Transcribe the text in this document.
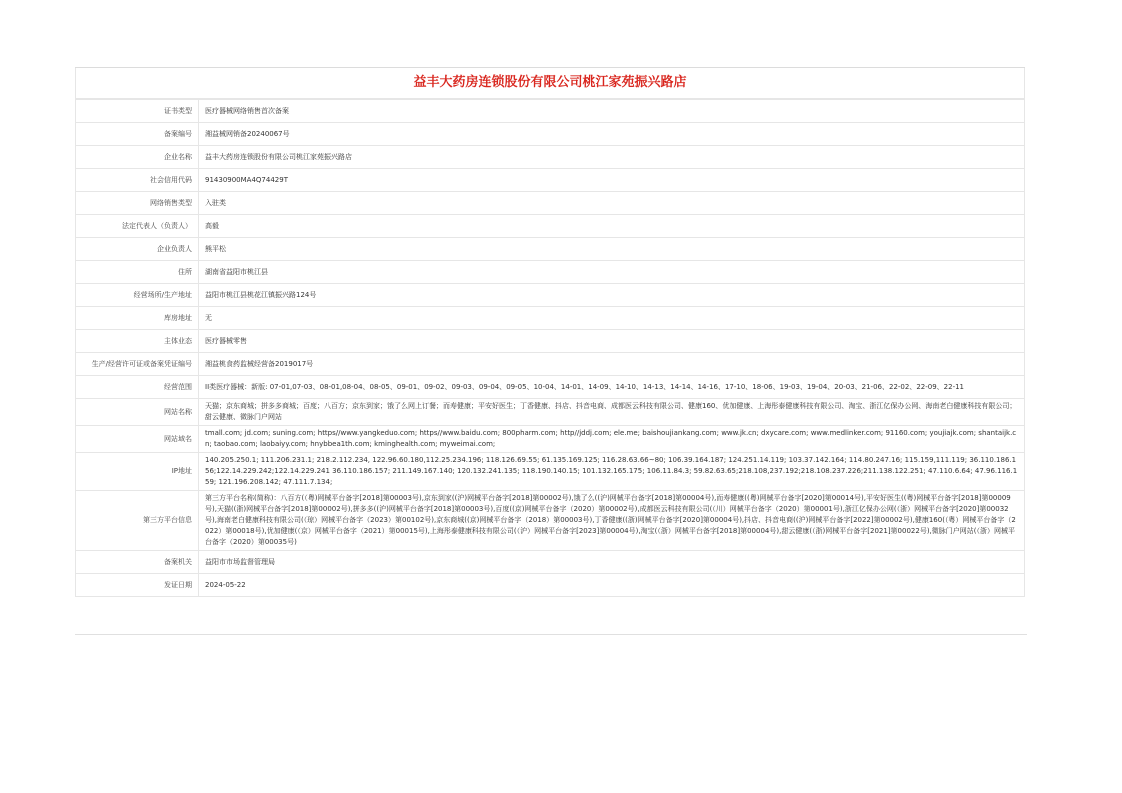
益丰大药房连锁股份有限公司桃江家苑振兴路店
证书类型	医疗器械网络销售首次备案
备案编号	湘益械网销备20240067号
企业名称	益丰大药房连锁股份有限公司桃江家苑振兴路店
社会信用代码	91430900MA4Q74429T
网络销售类型	入驻类
法定代表人（负责人）	高毅
企业负责人	熊平松
住所	湖南省益阳市桃江县
经营场所/生产地址	益阳市桃江县桃花江镇振兴路124号
库房地址	无
主体业态	医疗器械零售
生产/经营许可证或备案凭证编号	湘益桃食药监械经营备2019017号
经营范围	II类医疗器械：新版: 07-01,07-03、08-01,08-04、08-05、09-01、09-02、09-03、09-04、09-05、10-04、14-01、14-09、14-10、14-13、14-14、14-16、17-10、18-06、19-03、19-04、20-03、21-06、22-02、22-09、22-11
网站名称	天猫；京东商城；拼多多商城；百度；八百方；京东到家；饿了么网上订餐；而寿健康；平安好医生；丁香健康、抖店、抖音电商、成都医云科技有限公司、健康160、优加健康、上海彤泰健康科技有限公司、淘宝、浙江亿保办公网、海南老白健康科技有限公司；甜云健康、微脉门户网站
网站域名	tmall.com; jd.com; suning.com; https//www.yangkeduo.com; https//www.baidu.com; 800pharm.com; http//jddj.com; ele.me; baishoujiankang.com; www.jk.cn; dxycare.com; www.medlinker.com; 91160.com; youjiajk.com; shantaijk.cn; taobao.com; laobaiyy.com; hnybbea1th.com; kminghealth.com; myweimai.com;
IP地址	140.205.250.1; 111.206.231.1; 218.2.112.234, 122.96.60.180,112.25.234.196; 118.126.69.55; 61.135.169.125; 116.28.63.66~80; 106.39.164.187; 124.251.14.119; 103.37.142.164; 114.80.247.16; 115.159,111.119; 36.110.186.156;122.14.229.242;122.14.229.241 36.110.186.157; 211.149.167.140; 120.132.241.135; 118.190.140.15; 101.132.165.175; 106.11.84.3; 59.82.63.65;218.108,237.192;218.108.237.226;211.138.122.251; 47.110.6.64; 47.96.116.159; 121.196.208.142; 47.111.7.134;
第三方平台信息	第三方平台名称(简称)：八百方(（粤)网械平台备字[2018]第00003号),京东到家((沪)网械平台备字[2018]第00002号),饿了么((沪)网械平台备字[2018]第00004号),而寿健康((粤)网械平台备字[2020]第00014号),平安好医生((粤)网械平台备字[2018]第00009号),天猫((浙)网械平台备字[2018]第00002号),拼多多((沪)网械平台备字[2018]第00003号),百度((京)网械平台备字（2020）第00002号),成都医云科技有限公司(（川）网械平台备字（2020）第00001号),浙江亿保办公网(（浙）网械平台备字[2020]第00032号),海南老白健康科技有限公司(（琼）网械平台备字（2023）第00102号),京东商城((京)网械平台备字（2018）第00003号),丁香健康((浙)网械平台备字[2020]第00004号),抖店、抖音电商((沪)网械平台备字[2022]第00002号),健康160(（粤）网械平台备字（2022）第00018号),优加健康(（京）网械平台备字（2021）第00015号),上海彤泰健康科技有限公司(（沪）网械平台备字[2023]第00004号),淘宝(（浙）网械平台备字[2018]第00004号),甜云健康(（浙)网械平台备字[2021]第00022号),微脉门户网站(（浙）网械平台备字（2020）第00035号)
备案机关	益阳市市场监督管理局
发证日期	2024-05-22
